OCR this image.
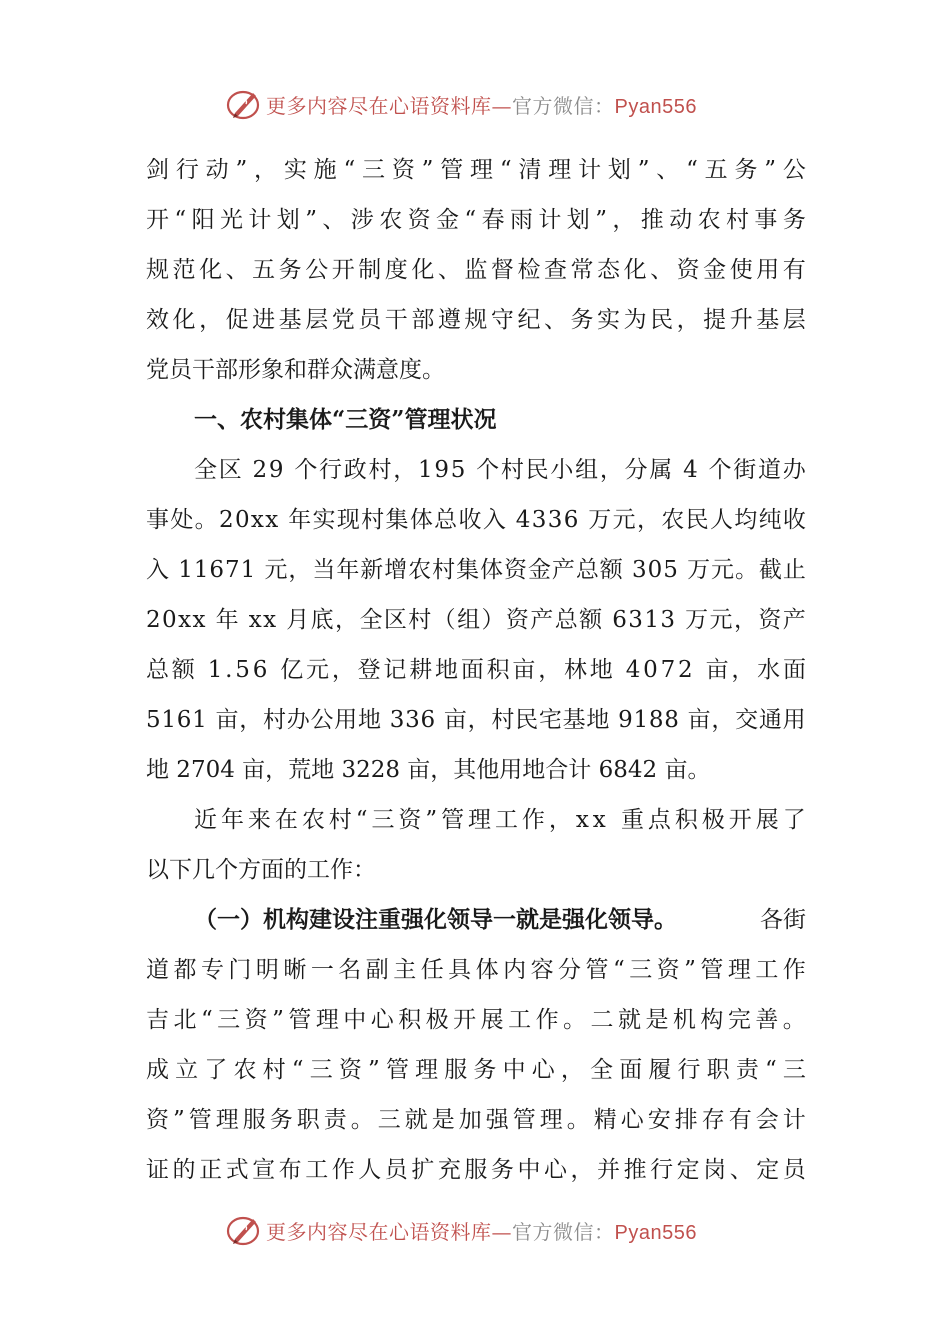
更多内容尽在心语资料库—官方微信：Pyan556
剑 行 动 ” ， 实 施 “ 三 资 ” 管 理 “ 清 理 计 划 ” 、 “ 五 务 ” 公
开 “ 阳 光 计 划 ” 、 涉 农 资 金 “ 春 雨 计 划 ” ， 推 动 农 村 事 务
规 范 化 、 五 务 公 开 制 度 化 、 监 督 检 查 常 态 化 、 资 金 使 用 有
效 化 ， 促 进 基 层 党 员 干 部 遵 规 守 纪 、 务 实 为 民 ， 提 升 基 层
党员干部形象和群众满意度。
一、农村集体“三资”管理状况
全 区
2 9
个 行 政 村 ， 1 9 5
个 村 民 小 组 ， 分 属
4
个 街 道 办
事 处 。 2 0 x x
年 实 现 村 集 体 总 收 入
4 3 3 6
万 元 ， 农 民 人 均 纯 收
入
1 1 6 7 1
元 ， 当 年 新 增 农 村 集 体 资 金 产 总 额
3 0 5
万 元 。 截 止
2 0 x x
年
x x
月 底 ， 全 区 村 （ 组 ） 资 产 总 额
6 3 1 3
万 元 ， 资 产
总 额
1 . 5 6
亿 元 ， 登 记 耕 地 面 积 亩 ， 林 地
4 0 7 2
亩 ， 水 面
5 1 6 1
亩 ， 村 办 公 用 地
3 3 6
亩 ， 村 民 宅 基 地
9 1 8 8
亩 ， 交 通 用
地 2704 亩，荒地 3228 亩，其他用地合计 6842 亩。
近 年 来 在 农 村 “ 三 资 ” 管 理 工 作 ， x x
重 点 积 极 开 展 了
以下几个方面的工作：
（一）机构建设注重强化领导一就是强化领导。	各街
道 都 专 门 明 晰 一 名 副 主 任 具 体 内 容 分 管 “ 三 资 ” 管 理 工 作
吉 北 “ 三 资 ” 管 理 中 心 积 极 开 展 工 作 。 二 就 是 机 构 完 善 。
成 立 了 农 村 “ 三 资 ” 管 理 服 务 中 心 ， 全 面 履 行 职 责 “ 三
资 ” 管 理 服 务 职 责 。 三 就 是 加 强 管 理 。 精 心 安 排 存 有 会 计
证 的 正 式 宣 布 工 作 人 员 扩 充 服 务 中 心 ， 并 推 行 定 岗 、 定 员
更多内容尽在心语资料库—官方微信：Pyan556
